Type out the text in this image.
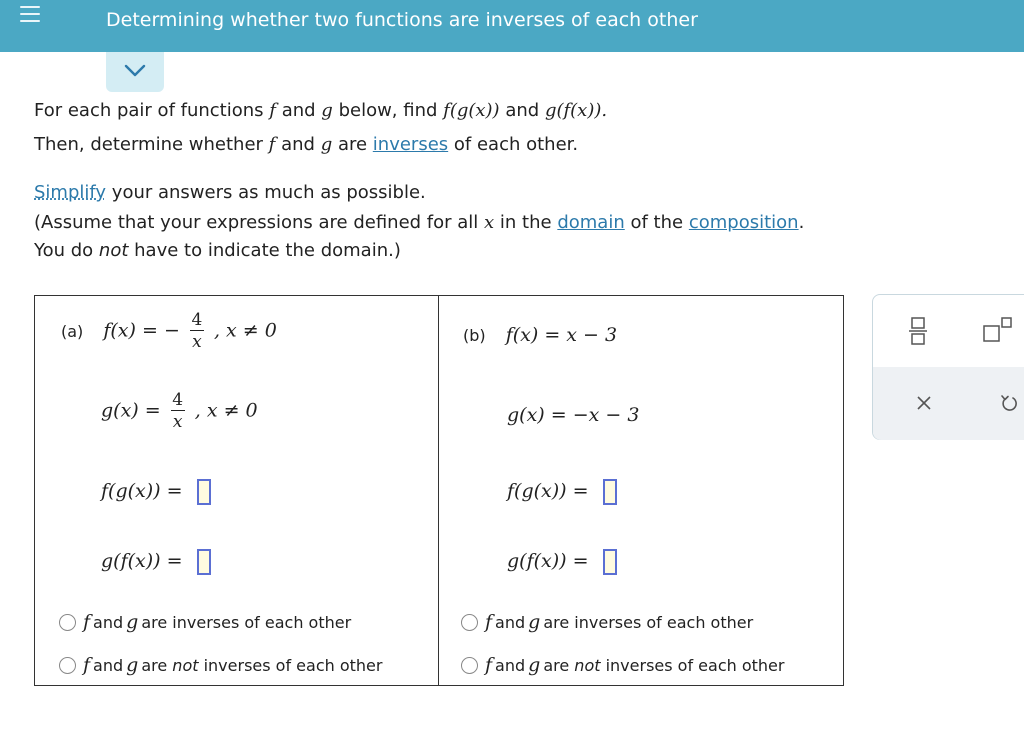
Determining whether two functions are inverses of each other
For each pair of functions f and g below, find f(g(x)) and g(f(x)).
Then, determine whether f and g are inverses of each other.
Simplify your answers as much as possible.
(Assume that your expressions are defined for all x in the domain of the composition.
You do not have to indicate the domain.)
(a) f(x) = − $\frac{4}{x}$ , x ≠ 0
$g(x) = \frac{4}{x}$ , x ≠ 0
f(g(x)) =
g(f(x)) =
f and g are inverses of each other
f and g are
not
inverses of each other
(b) f(x) = x − 3
g(x) = −x − 3
f(g(x)) =
g(f(x)) =
f and g are inverses of each other
f and g are
not
inverses of each other
